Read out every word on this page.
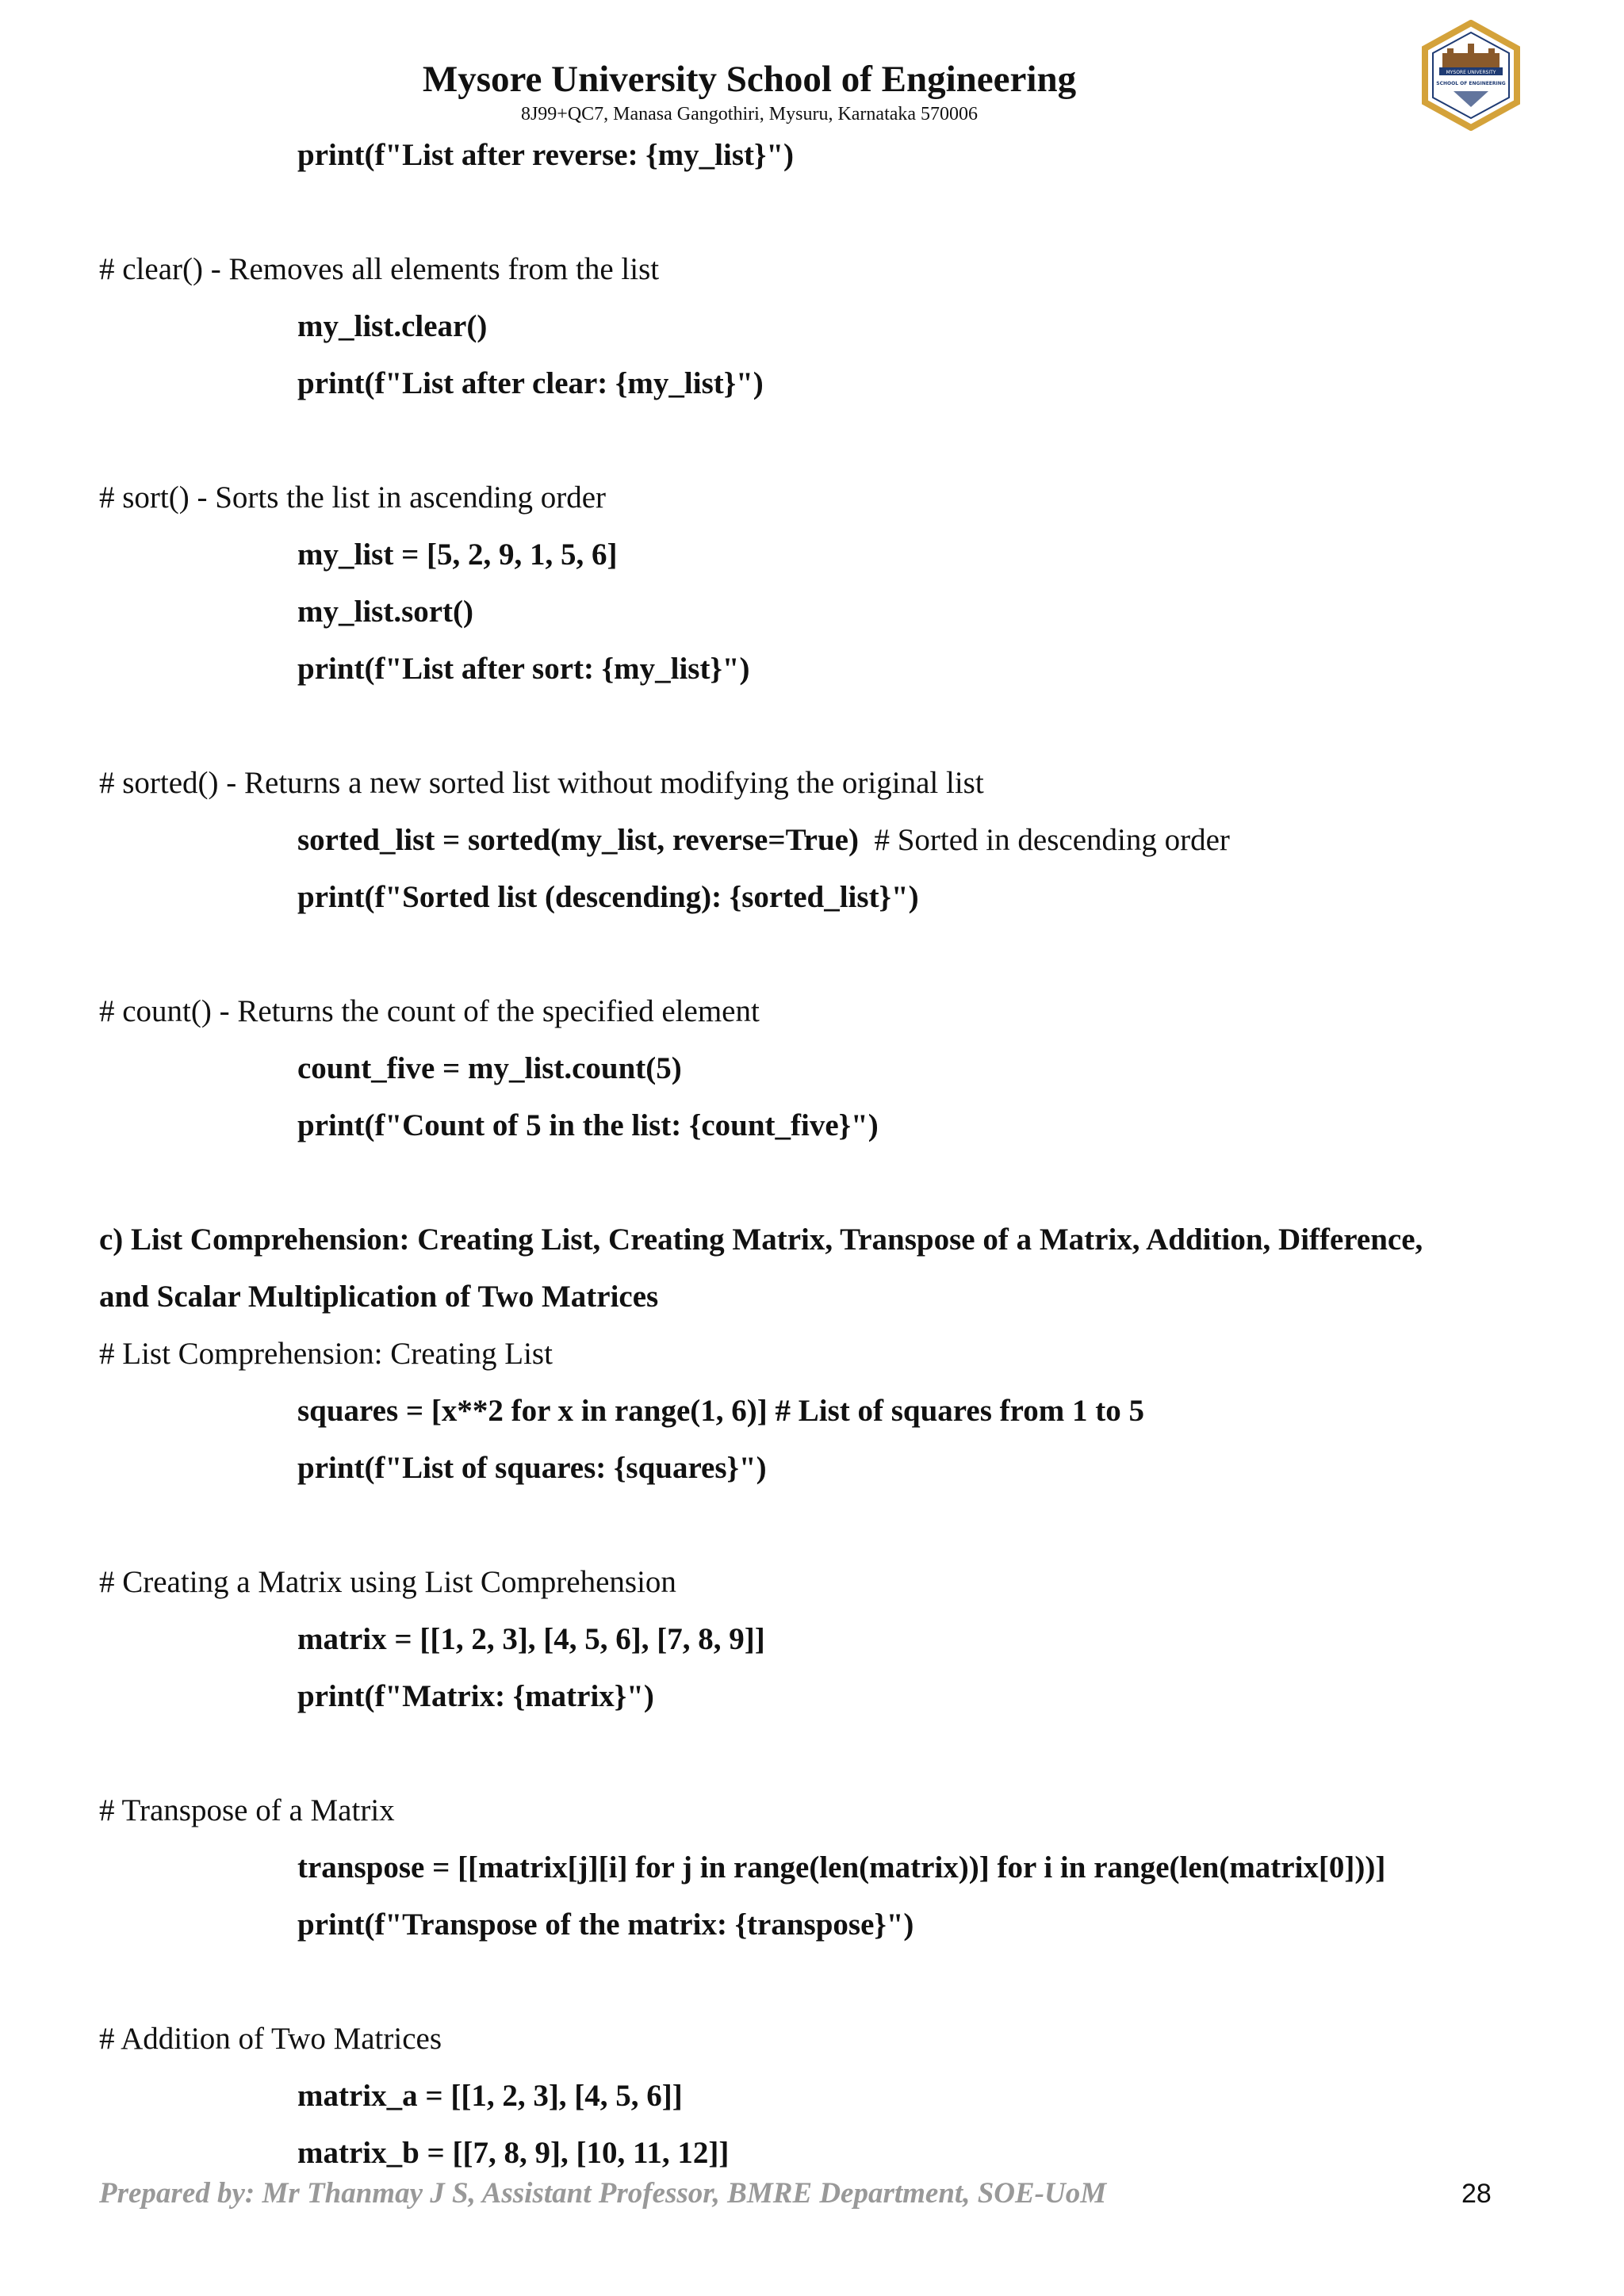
Mysore University School of Engineering
8J99+QC7, Manasa Gangothiri, Mysuru, Karnataka 570006
MYSORE UNIVERSITY
SCHOOL OF ENGINEERING
print(f"List after reverse: {my_list}")
# clear() - Removes all elements from the list
my_list.clear()
print(f"List after clear: {my_list}")
# sort() - Sorts the list in ascending order
my_list = [5, 2, 9, 1, 5, 6]
my_list.sort()
print(f"List after sort: {my_list}")
# sorted() - Returns a new sorted list without modifying the original list
sorted_list = sorted(my_list, reverse=True) # Sorted in descending order
print(f"Sorted list (descending): {sorted_list}")
# count() - Returns the count of the specified element
count_five = my_list.count(5)
print(f"Count of 5 in the list: {count_five}")
c) List Comprehension: Creating List, Creating Matrix, Transpose of a Matrix, Addition, Difference,
and Scalar Multiplication of Two Matrices
# List Comprehension: Creating List
squares = [x**2 for x in range(1, 6)] # List of squares from 1 to 5
print(f"List of squares: {squares}")
# Creating a Matrix using List Comprehension
matrix = [[1, 2, 3], [4, 5, 6], [7, 8, 9]]
print(f"Matrix: {matrix}")
# Transpose of a Matrix
transpose = [[matrix[j][i] for j in range(len(matrix))] for i in range(len(matrix[0]))]
print(f"Transpose of the matrix: {transpose}")
# Addition of Two Matrices
matrix_a = [[1, 2, 3], [4, 5, 6]]
matrix_b = [[7, 8, 9], [10, 11, 12]]
Prepared by: Mr Thanmay J S, Assistant Professor, BMRE Department, SOE-UoM	28
